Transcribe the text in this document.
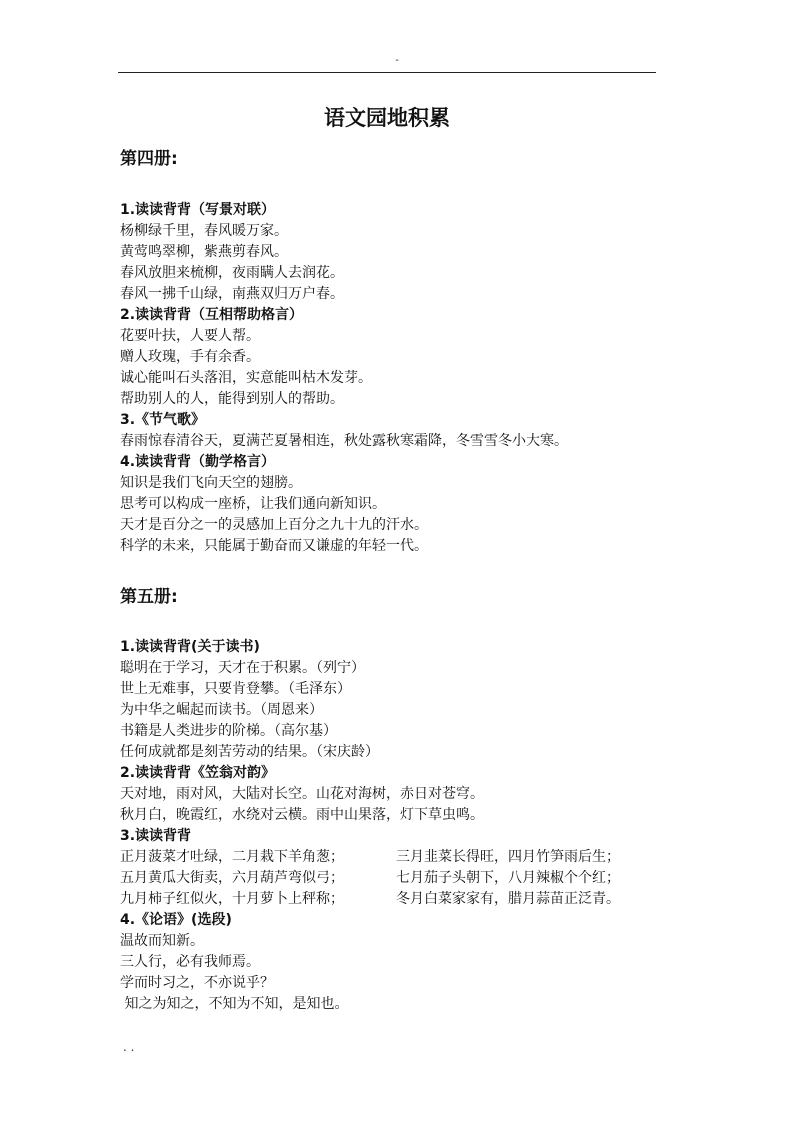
-
语文园地积累
第四册:
1.读读背背（写景对联）
杨柳绿千里，春风暖万家。
黄莺鸣翠柳，紫燕剪春风。
春风放胆来梳柳，夜雨瞒人去润花。
春风一拂千山绿，南燕双归万户春。
2.读读背背（互相帮助格言）
花要叶扶，人要人帮。
赠人玫瑰，手有余香。
诚心能叫石头落泪，实意能叫枯木发芽。
帮助别人的人，能得到别人的帮助。
3.《节气歌》
春雨惊春清谷天，夏满芒夏暑相连，秋处露秋寒霜降，冬雪雪冬小大寒。
4.读读背背（勤学格言）
知识是我们飞向天空的翅膀。
思考可以构成一座桥，让我们通向新知识。
天才是百分之一的灵感加上百分之九十九的汗水。
科学的未来，只能属于勤奋而又谦虚的年轻一代。
第五册:
1.读读背背(关于读书)
聪明在于学习，天才在于积累。（列宁）
世上无难事，只要肯登攀。（毛泽东）
为中华之崛起而读书。（周恩来）
书籍是人类进步的阶梯。（高尔基）
任何成就都是刻苦劳动的结果。（宋庆龄）
2.读读背背《笠翁对韵》
天对地，雨对风，大陆对长空。山花对海树，赤日对苍穹。
秋月白，晚霞红，水绕对云横。雨中山果落，灯下草虫鸣。
3.读读背背
正月菠菜才吐绿，二月栽下羊角葱；	三月韭菜长得旺，四月竹笋雨后生；
五月黄瓜大街卖，六月葫芦弯似弓；	七月茄子头朝下，八月辣椒个个红；
九月柿子红似火，十月萝卜上秤称；	冬月白菜家家有，腊月蒜苗正泛青。
4.《论语》(选段)
温故而知新。
三人行，必有我师焉。
学而时习之，不亦说乎？
知之为知之，不知为不知，是知也。
. .
